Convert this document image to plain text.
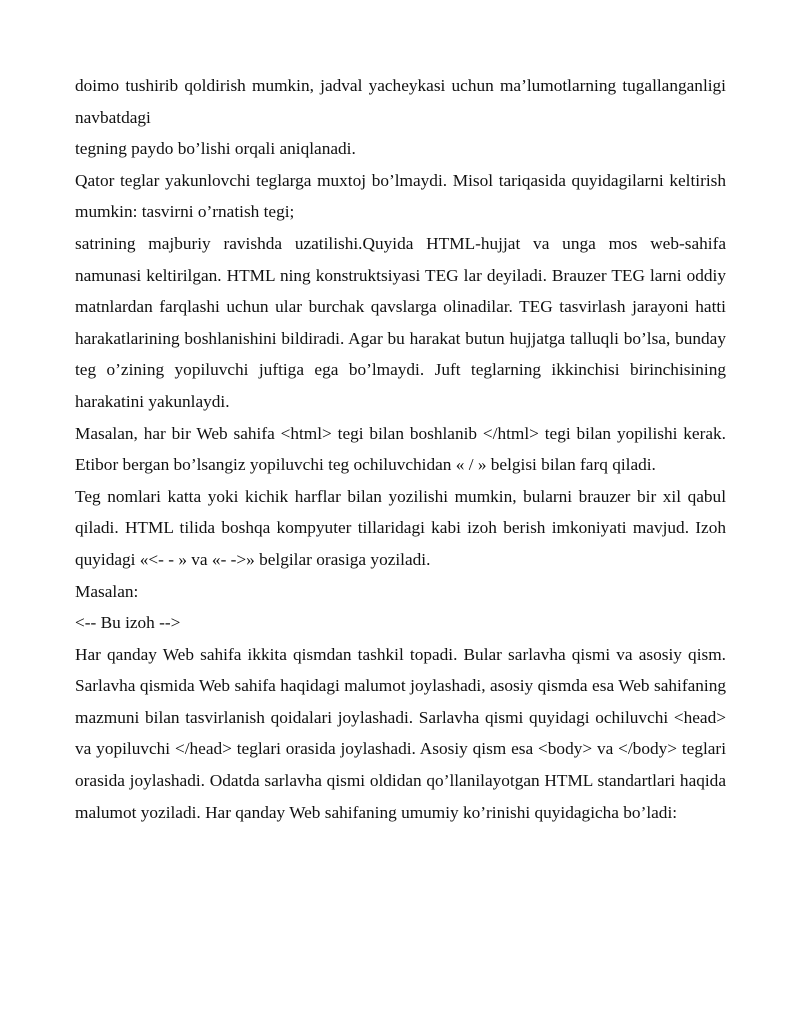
doimo tushirib qoldirish mumkin, jadval yacheykasi uchun ma’lumotlarning tugallanganligi navbatdagi

tegning paydo bo’lishi orqali aniqlanadi.

Qator teglar yakunlovchi teglarga muxtoj bo’lmaydi. Misol tariqasida quyidagilarni keltirish mumkin: tasvirni o’rnatish tegi;

satrining majburiy ravishda uzatilishi.Quyida HTML-hujjat va unga mos web-sahifa namunasi keltirilgan. HTML ning konstruktsiyasi TEG lar deyiladi. Brauzer TEG larni oddiy matnlardan farqlashi uchun ular burchak qavslarga olinadilar. TEG tasvirlash jarayoni hatti harakatlarining boshlanishini bildiradi. Agar bu harakat butun hujjatga talluqli bo’lsa, bunday teg o’zining yopiluvchi juftiga ega bo’lmaydi. Juft teglarning ikkinchisi birinchisining harakatini yakunlaydi.

Masalan, har bir Web sahifa <html> tegi bilan boshlanib </html> tegi bilan yopilishi kerak. Etibor bergan bo’lsangiz yopiluvchi teg ochiluvchidan « / » belgisi bilan farq qiladi.

Teg nomlari katta yoki kichik harflar bilan yozilishi mumkin, bularni brauzer bir xil qabul qiladi. HTML tilida boshqa kompyuter tillaridagi kabi izoh berish imkoniyati mavjud. Izoh quyidagi «<- - » va «- ->» belgilar orasiga yoziladi.

Masalan:

<-- Bu izoh -->

Har qanday Web sahifa ikkita qismdan tashkil topadi. Bular sarlavha qismi va asosiy qism. Sarlavha qismida Web sahifa haqidagi malumot joylashadi, asosiy qismda esa Web sahifaning mazmuni bilan tasvirlanish qoidalari joylashadi. Sarlavha qismi quyidagi ochiluvchi <head> va yopiluvchi </head> teglari orasida joylashadi. Asosiy qism esa <body> va </body> teglari orasida joylashadi. Odatda sarlavha qismi oldidan qo’llanilayotgan HTML standartlari haqida malumot yoziladi. Har qanday Web sahifaning umumiy ko’rinishi quyidagicha bo’ladi:
